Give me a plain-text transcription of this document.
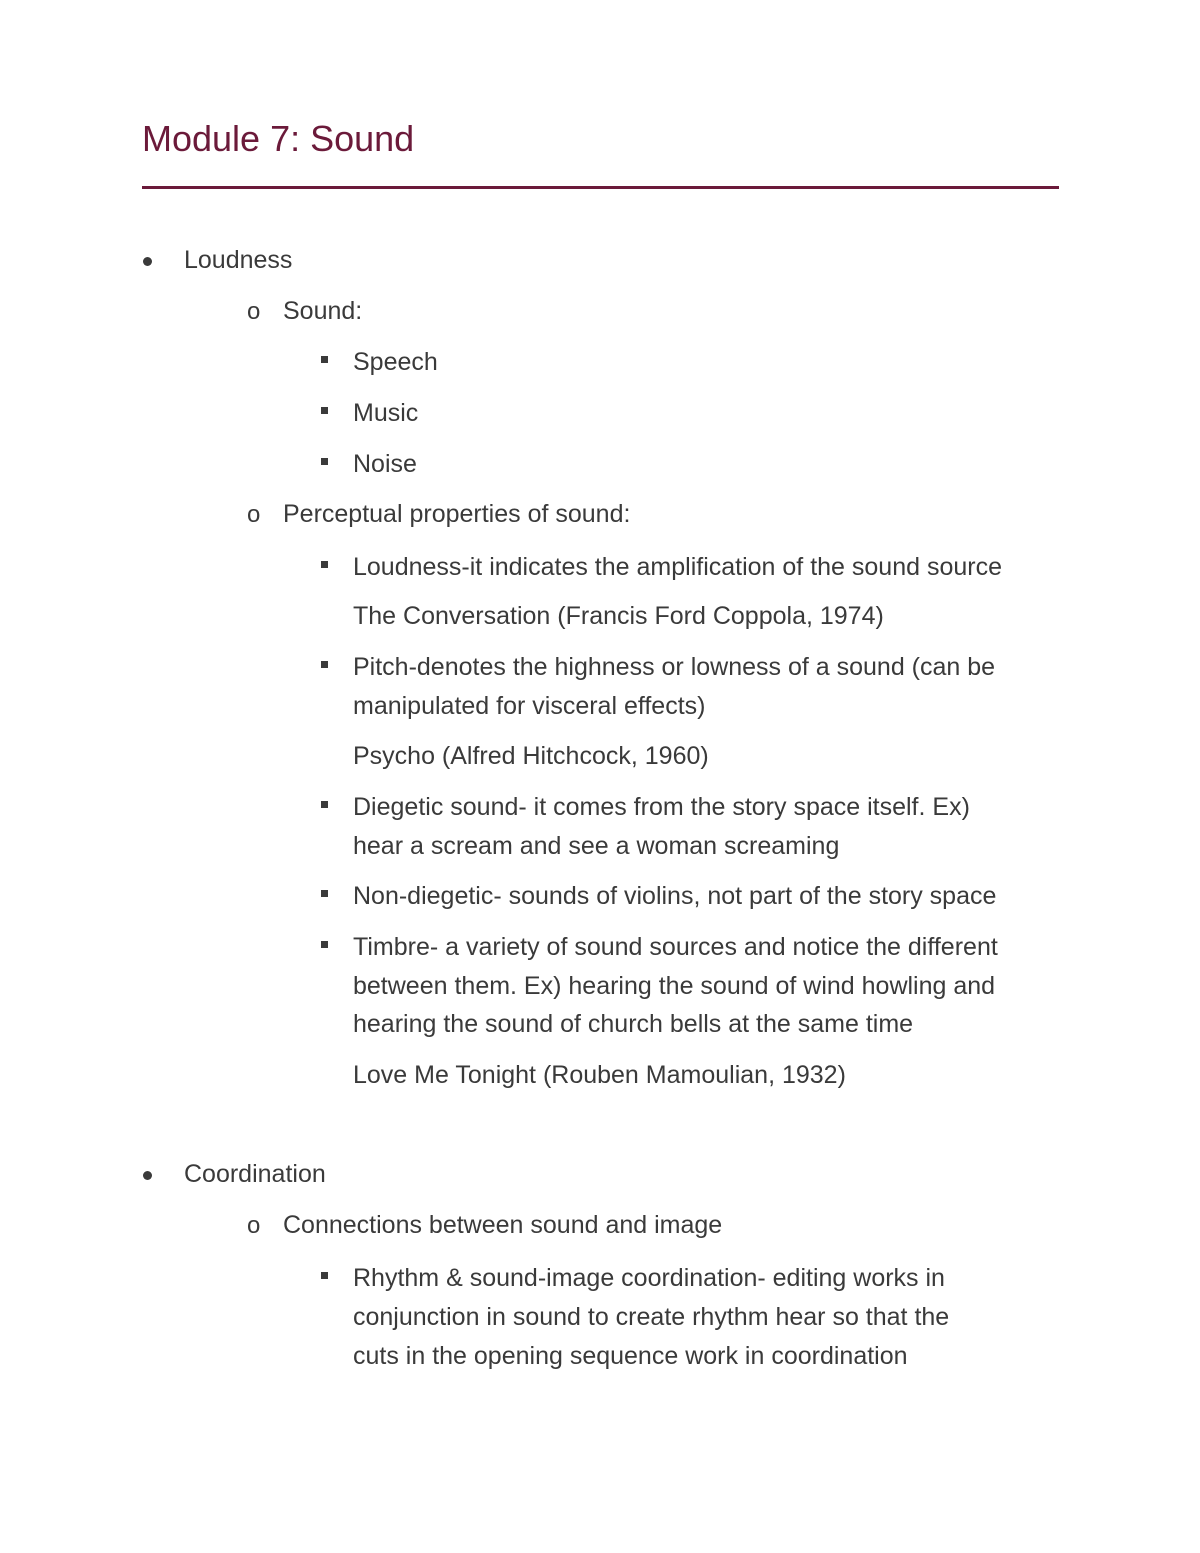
Module 7: Sound
Loudness
o Sound:
Speech
Music
Noise
o Perceptual properties of sound:
Loudness-it indicates the amplification of the sound source
The Conversation (Francis Ford Coppola, 1974)
Pitch-denotes the highness or lowness of a sound (can be
manipulated for visceral effects)
Psycho (Alfred Hitchcock, 1960)
Diegetic sound- it comes from the story space itself. Ex)
hear a scream and see a woman screaming
Non-diegetic- sounds of violins, not part of the story space
Timbre- a variety of sound sources and notice the different
between them. Ex) hearing the sound of wind howling and
hearing the sound of church bells at the same time
Love Me Tonight (Rouben Mamoulian, 1932)
Coordination
o Connections between sound and image
Rhythm & sound-image coordination- editing works in
conjunction in sound to create rhythm hear so that the
cuts in the opening sequence work in coordination
